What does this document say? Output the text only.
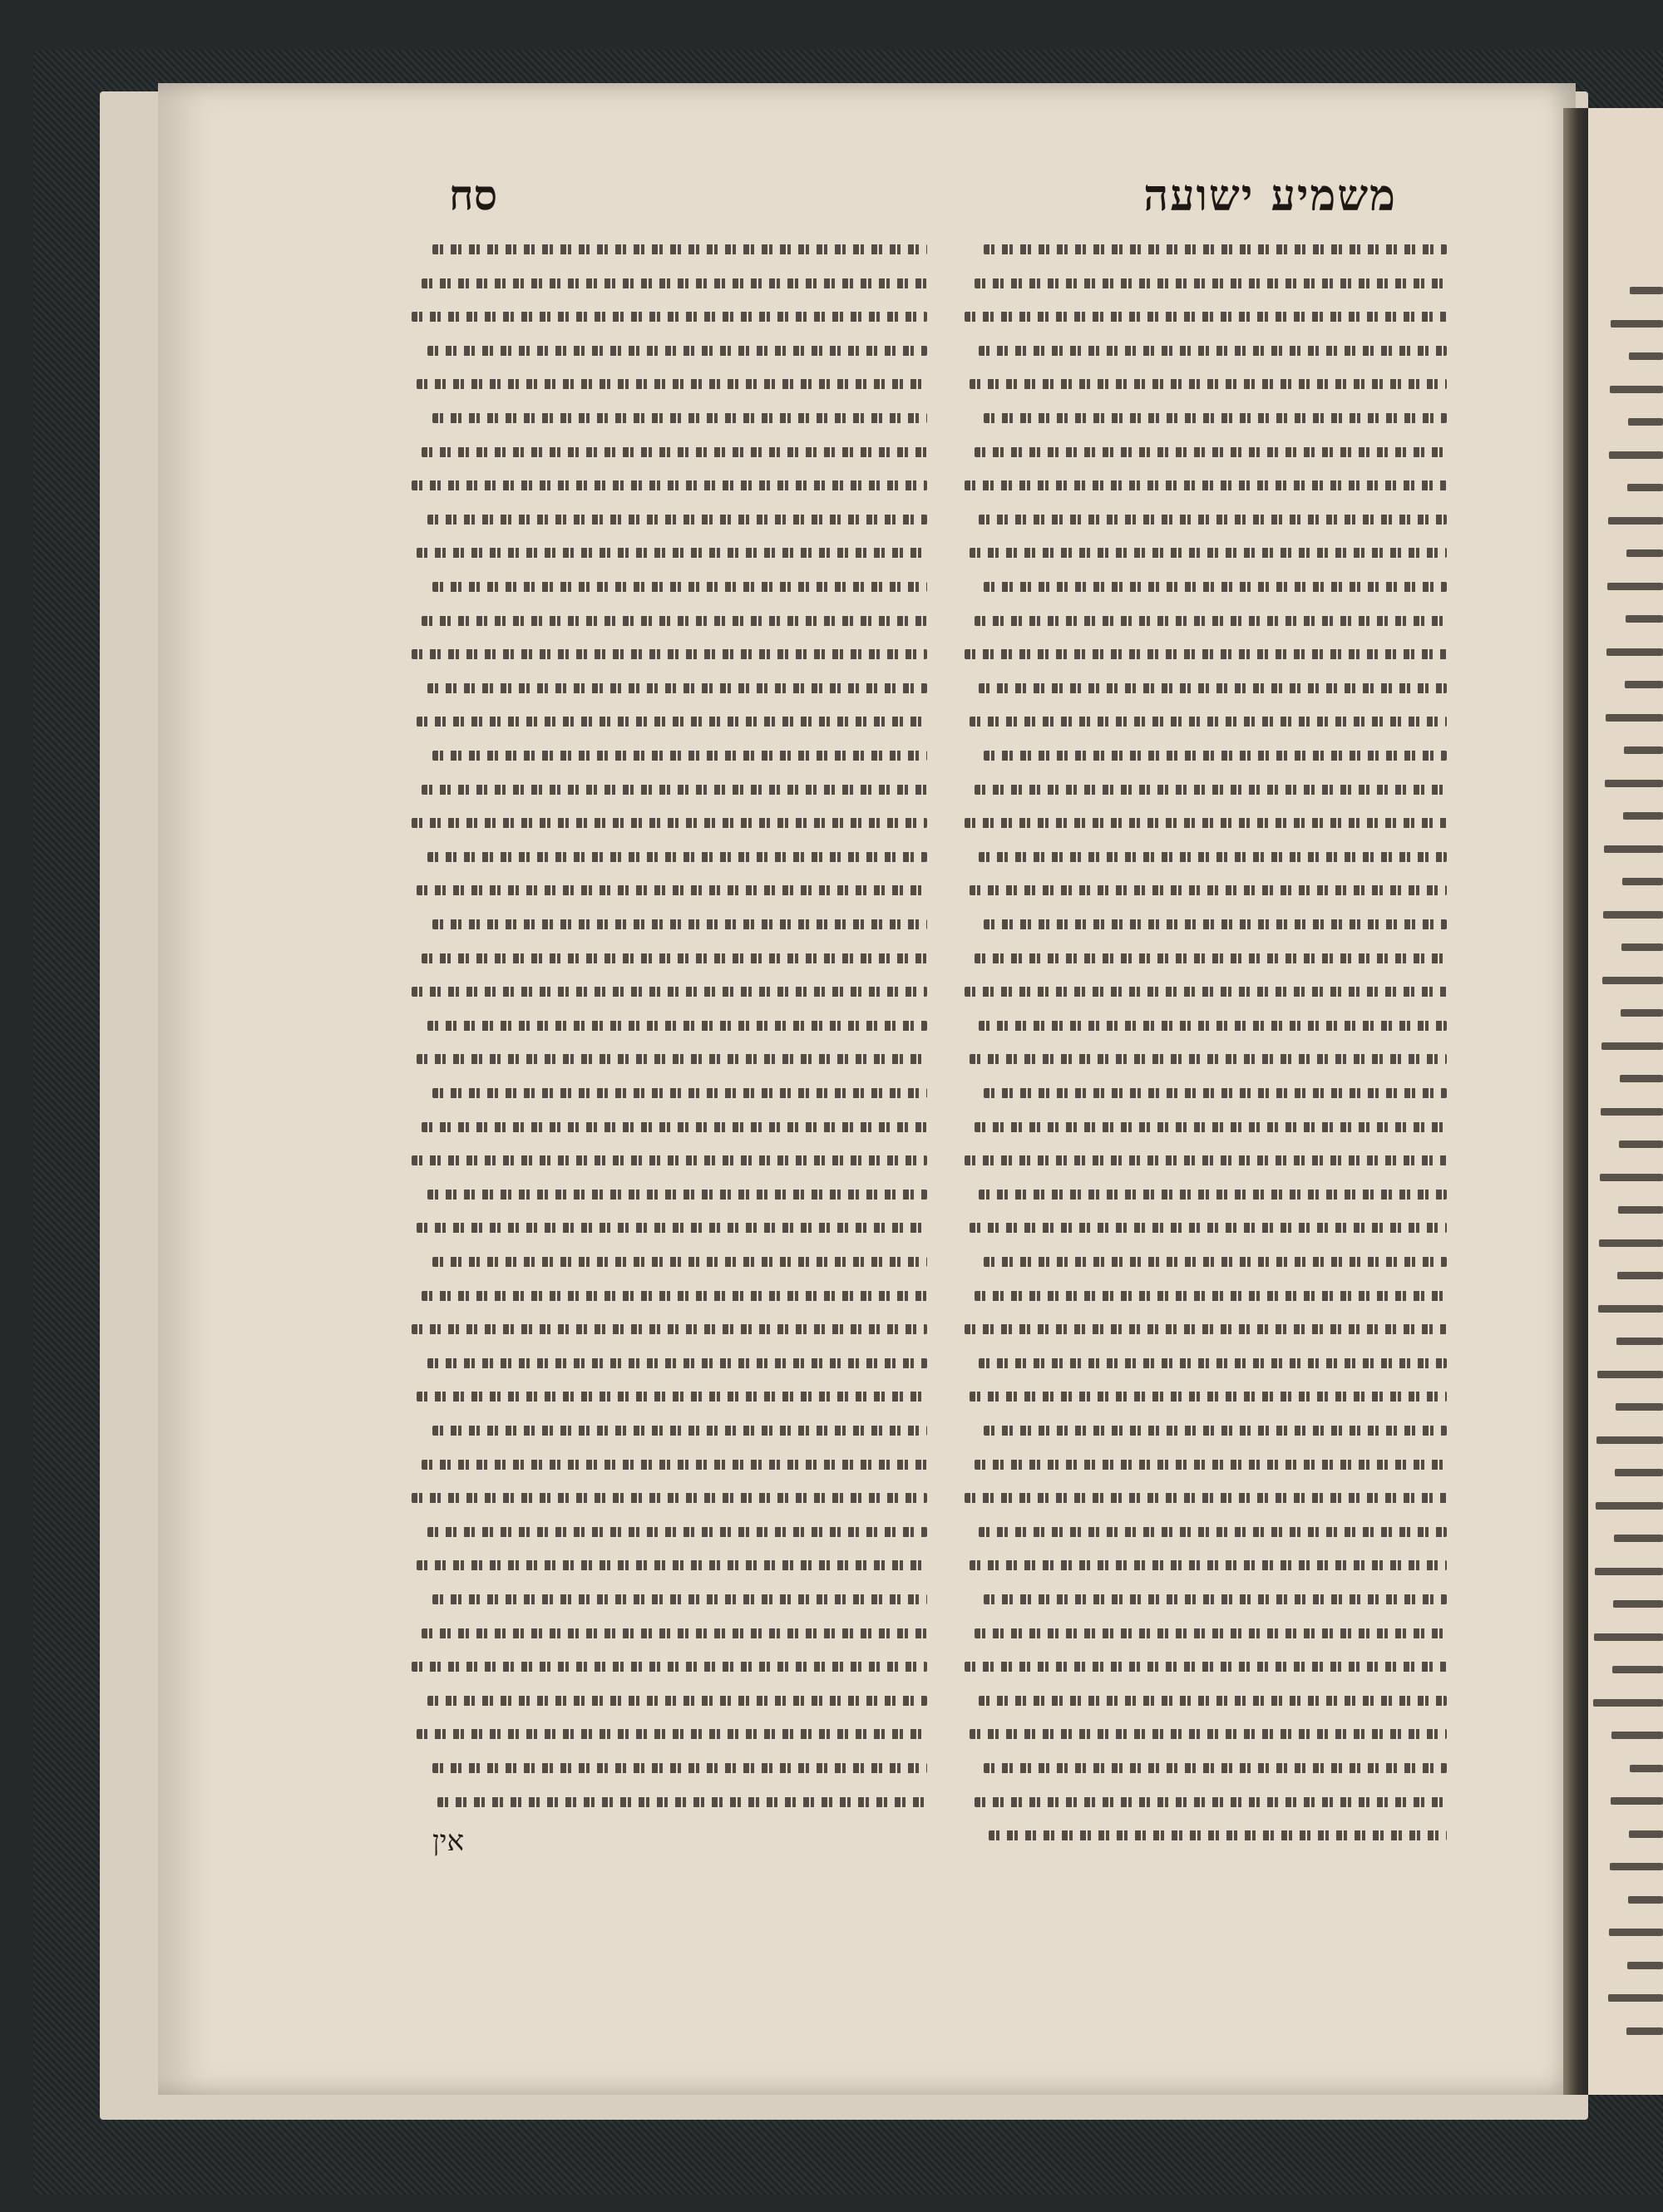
משמיע ישועה
סח
אין
